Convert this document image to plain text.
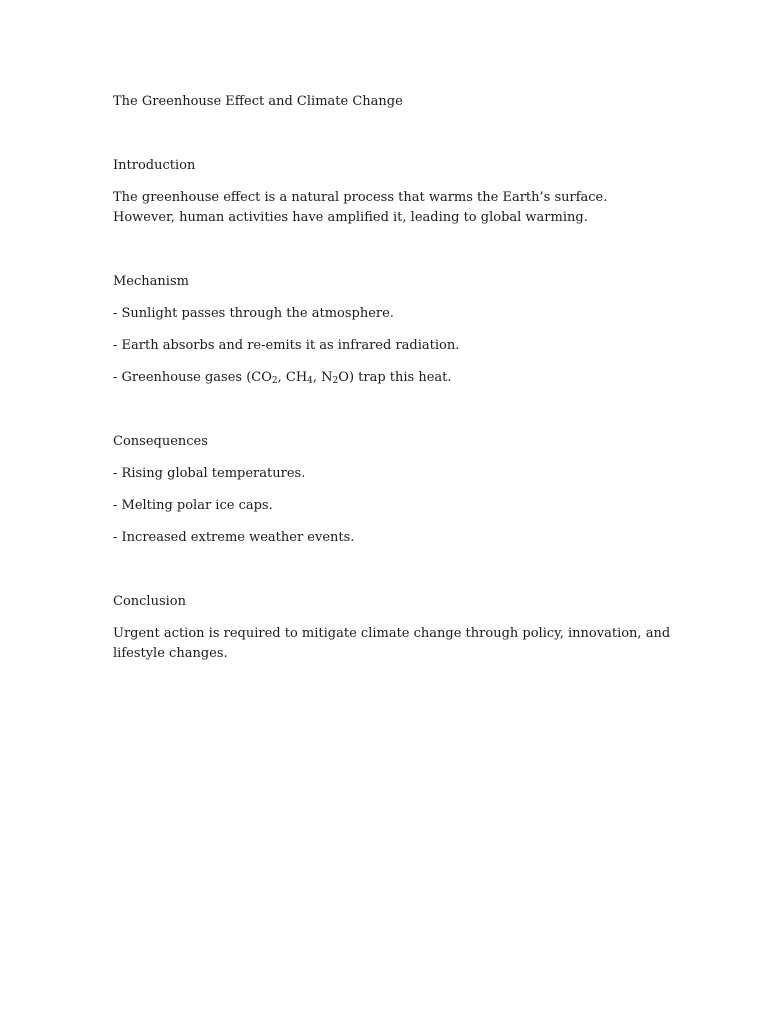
The Greenhouse Effect and Climate Change

Introduction

The greenhouse effect is a natural process that warms the Earth’s surface. However, human activities have amplified it, leading to global warming.

Mechanism

- Sunlight passes through the atmosphere.

- Earth absorbs and re-emits it as infrared radiation.

- Greenhouse gases ($CO_2$, $CH_4$, $N_2O$) trap this heat.

Consequences

- Rising global temperatures.

- Melting polar ice caps.

- Increased extreme weather events.

Conclusion

Urgent action is required to mitigate climate change through policy, innovation, and lifestyle changes.
